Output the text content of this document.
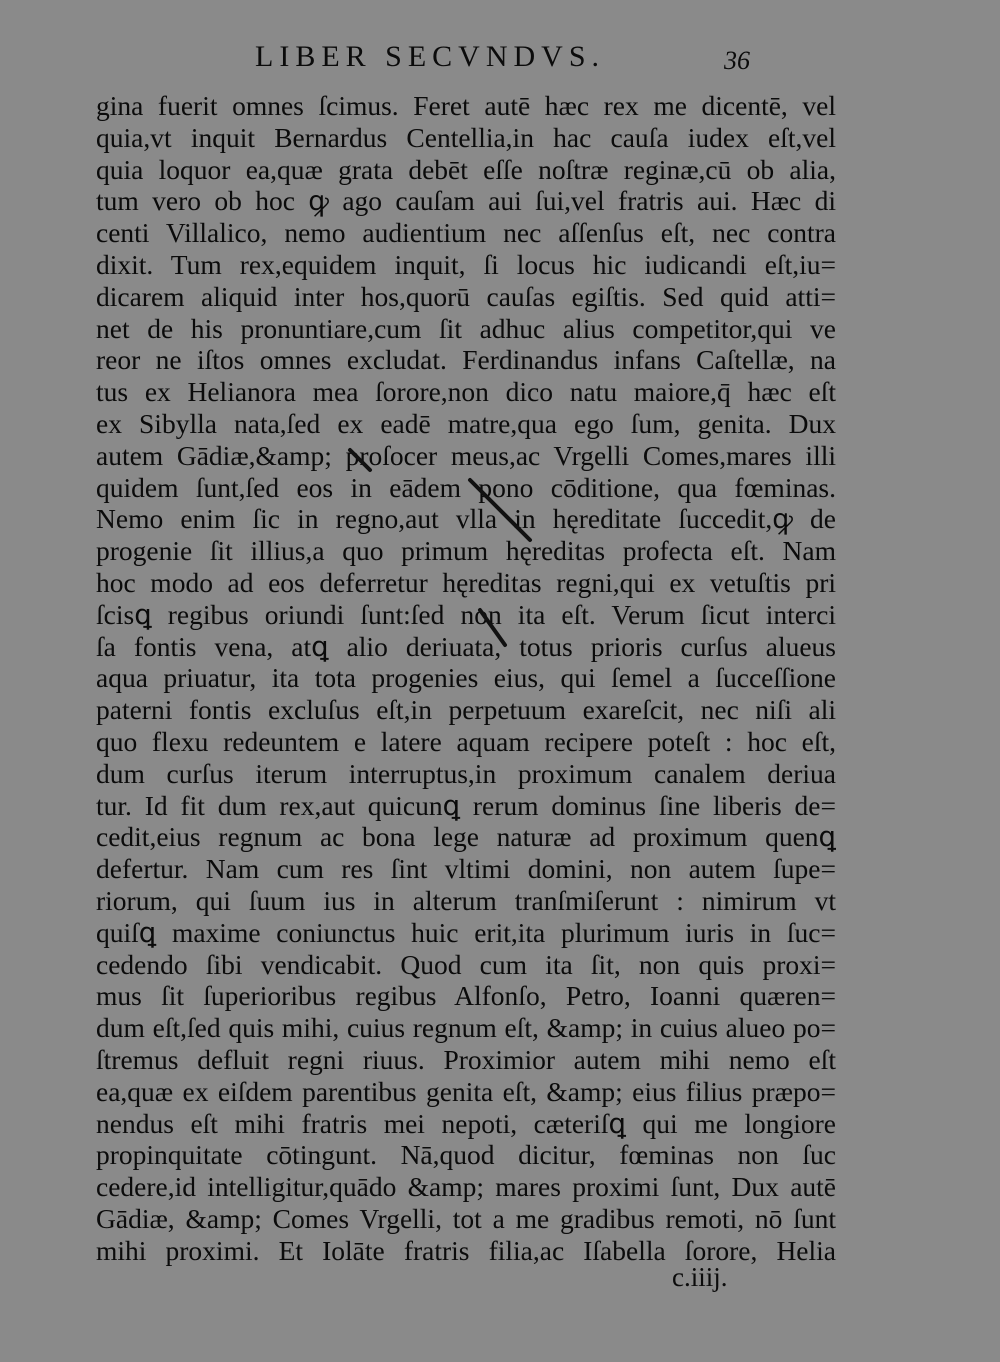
LIBER SECVNDVS.	36
gina fuerit omnes ſcimus. Feret autē hæc rex me dicentē, vel
quia,vt inquit Bernardus Centellia,in hac cauſa iudex eſt,vel
quia loquor ea,quæ grata debēt eſſe noſtræ reginæ,cū ob alia,
tum vero ob hoc ꝙ ago cauſam aui ſui,vel fratris aui. Hæc di
centi Villalico, nemo audientium nec aſſenſus eſt, nec contra
dixit. Tum rex,equidem inquit, ſi locus hic iudicandi eſt,iu=
dicarem aliquid inter hos,quorū cauſas egiſtis. Sed quid atti=
net de his pronuntiare,cum ſit adhuc alius competitor,qui ve
reor ne iſtos omnes excludat. Ferdinandus infans Caſtellæ, na
tus ex Helianora mea ſorore,non dico natu maiore,q̄ hæc eſt
ex Sibylla nata,ſed ex eadē matre,qua ego ſum, genita. Dux
autem Gādiæ,&amp; proſocer meus,ac Vrgelli Comes,mares illi
quidem ſunt,ſed eos in eādem pono cōditione, qua fœminas.
Nemo enim ſic in regno,aut vlla in hęreditate ſuccedit,ꝙ de
progenie ſit illius,a quo primum hęreditas profecta eſt. Nam
hoc modo ad eos deferretur hęreditas regni,qui ex vetuſtis pri
ſcisꝗ regibus oriundi ſunt:ſed non ita eſt. Verum ſicut interci
ſa fontis vena, atꝗ alio deriuata, totus prioris curſus alueus
aqua priuatur, ita tota progenies eius, qui ſemel a ſucceſſione
paterni fontis excluſus eſt,in perpetuum exareſcit, nec niſi ali
quo flexu redeuntem e latere aquam recipere poteſt : hoc eſt,
dum curſus iterum interruptus,in proximum canalem deriua
tur. Id fit dum rex,aut quicunꝗ rerum dominus ſine liberis de=
cedit,eius regnum ac bona lege naturæ ad proximum quenꝗ
defertur. Nam cum res ſint vltimi domini, non autem ſupe=
riorum, qui ſuum ius in alterum tranſmiſerunt : nimirum vt
quiſꝗ maxime coniunctus huic erit,ita plurimum iuris in ſuc=
cedendo ſibi vendicabit. Quod cum ita ſit, non quis proxi=
mus ſit ſuperioribus regibus Alfonſo, Petro, Ioanni quæren=
dum eſt,ſed quis mihi, cuius regnum eſt, &amp; in cuius alueo po=
ſtremus defluit regni riuus. Proximior autem mihi nemo eſt
ea,quæ ex eiſdem parentibus genita eſt, &amp; eius filius præpo=
nendus eſt mihi fratris mei nepoti, cæteriſꝗ qui me longiore
propinquitate cōtingunt. Nā,quod dicitur, fœminas non ſuc
cedere,id intelligitur,quādo &amp; mares proximi ſunt, Dux autē
Gādiæ, &amp; Comes Vrgelli, tot a me gradibus remoti, nō ſunt
mihi proximi. Et Iolāte fratris filia,ac Iſabella ſorore, Helia
c.iiij.
